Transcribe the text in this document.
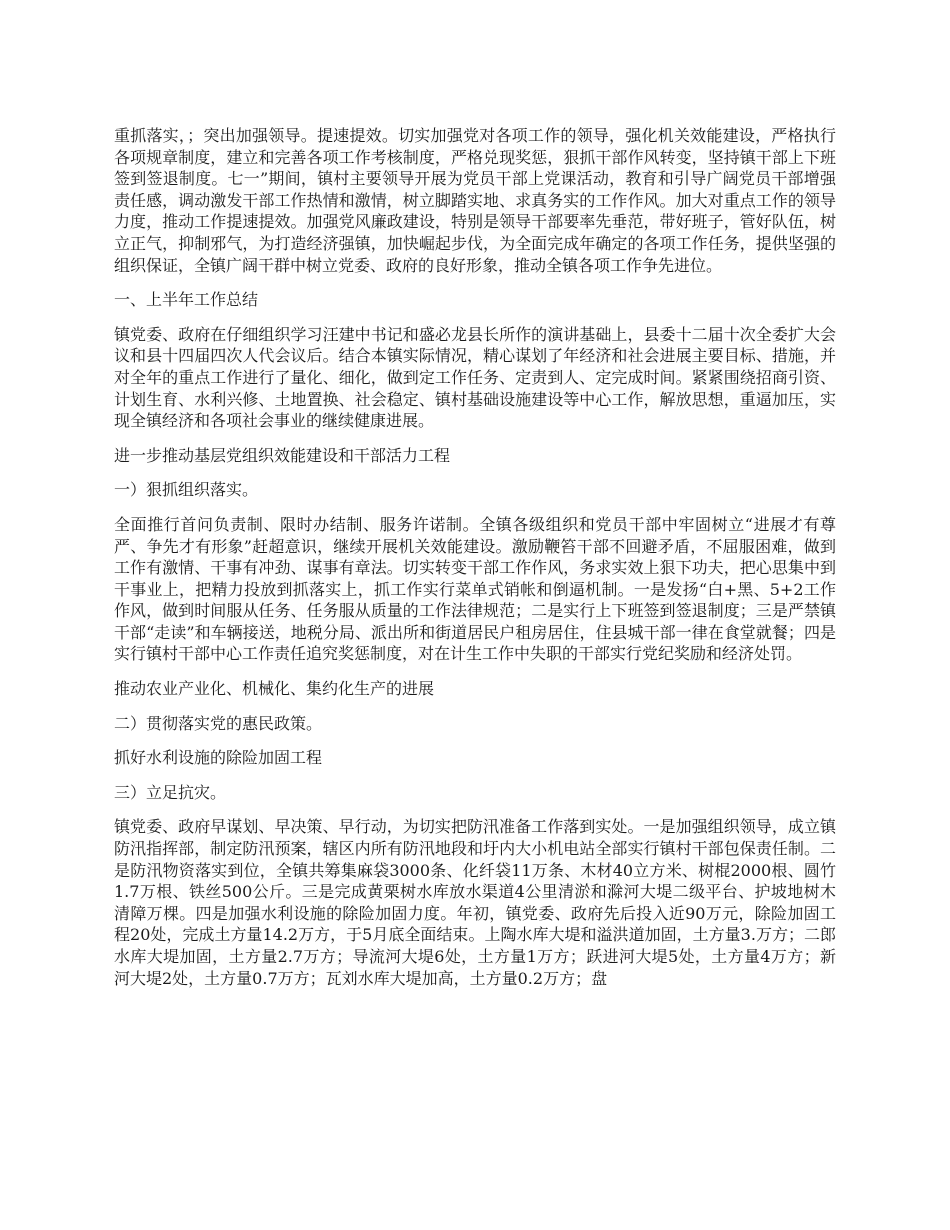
重抓落实，；突出加强领导。提速提效。切实加强党对各项工作的领导，强化机关效能建设，严格执行各项规章制度，建立和完善各项工作考核制度，严格兑现奖惩，狠抓干部作风转变，坚持镇干部上下班签到签退制度。七一”期间，镇村主要领导开展为党员干部上党课活动，教育和引导广阔党员干部增强责任感，调动激发干部工作热情和激情，树立脚踏实地、求真务实的工作作风。加大对重点工作的领导力度，推动工作提速提效。加强党风廉政建设，特别是领导干部要率先垂范，带好班子，管好队伍，树立正气，抑制邪气，为打造经济强镇，加快崛起步伐，为全面完成年确定的各项工作任务，提供坚强的组织保证，全镇广阔干群中树立党委、政府的良好形象，推动全镇各项工作争先进位。

一、上半年工作总结

镇党委、政府在仔细组织学习汪建中书记和盛必龙县长所作的演讲基础上，县委十二届十次全委扩大会议和县十四届四次人代会议后。结合本镇实际情况，精心谋划了年经济和社会进展主要目标、措施，并对全年的重点工作进行了量化、细化，做到定工作任务、定责到人、定完成时间。紧紧围绕招商引资、计划生育、水利兴修、土地置换、社会稳定、镇村基础设施建设等中心工作，解放思想，重逼加压，实现全镇经济和各项社会事业的继续健康进展。

进一步推动基层党组织效能建设和干部活力工程

一）狠抓组织落实。

全面推行首问负责制、限时办结制、服务许诺制。全镇各级组织和党员干部中牢固树立“进展才有尊严、争先才有形象”赶超意识，继续开展机关效能建设。激励鞭笞干部不回避矛盾，不屈服困难，做到工作有激情、干事有冲劲、谋事有章法。切实转变干部工作作风，务求实效上狠下功夫，把心思集中到干事业上，把精力投放到抓落实上，抓工作实行菜单式销帐和倒逼机制。一是发扬“白+黑、5+2工作作风，做到时间服从任务、任务服从质量的工作法律规范；二是实行上下班签到签退制度；三是严禁镇干部“走读”和车辆接送，地税分局、派出所和街道居民户租房居住，住县城干部一律在食堂就餐；四是实行镇村干部中心工作责任追究奖惩制度，对在计生工作中失职的干部实行党纪奖励和经济处罚。

推动农业产业化、机械化、集约化生产的进展

二）贯彻落实党的惠民政策。

抓好水利设施的除险加固工程

三）立足抗灾。

镇党委、政府早谋划、早决策、早行动，为切实把防汛准备工作落到实处。一是加强组织领导，成立镇防汛指挥部，制定防汛预案，辖区内所有防汛地段和圩内大小机电站全部实行镇村干部包保责任制。二是防汛物资落实到位，全镇共筹集麻袋3000条、化纤袋11万条、木材40立方米、树棍2000根、圆竹1.7万根、铁丝500公斤。三是完成黄栗树水库放水渠道4公里清淤和滁河大堤二级平台、护坡地树木清障万棵。四是加强水利设施的除险加固力度。年初，镇党委、政府先后投入近90万元，除险加固工程20处，完成土方量14.2万方，于5月底全面结束。上陶水库大堤和溢洪道加固，土方量3.万方；二郎水库大堤加固，土方量2.7万方；导流河大堤6处，土方量1万方；跃进河大堤5处，土方量4万方；新河大堤2处，土方量0.7万方；瓦刘水库大堤加高，土方量0.2万方；盘
